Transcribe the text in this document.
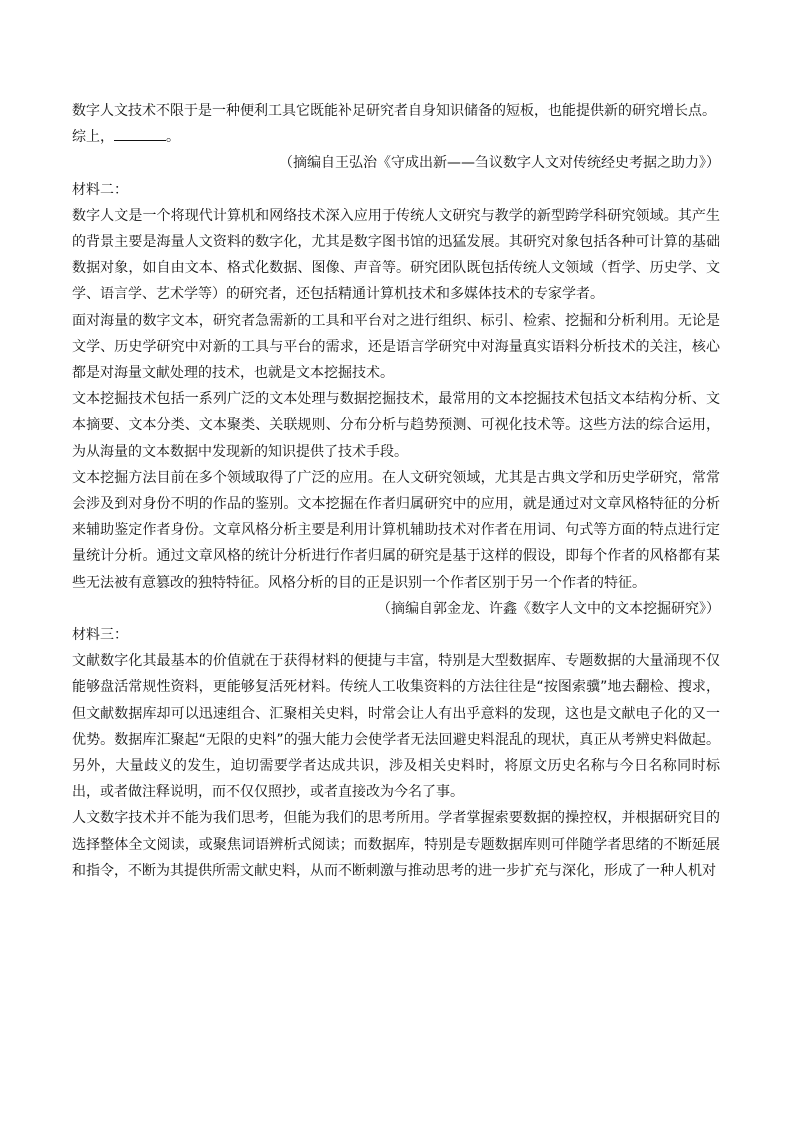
数字人文技术不限于是一种便利工具它既能补足研究者自身知识储备的短板，也能提供新的研究增长点。

综上，	。

（摘编自王弘治《守成出新——刍议数字人文对传统经史考据之助力》）

材料二：

数字人文是一个将现代计算机和网络技术深入应用于传统人文研究与教学的新型跨学科研究领域。其产生的背景主要是海量人文资料的数字化，尤其是数字图书馆的迅猛发展。其研究对象包括各种可计算的基础数据对象，如自由文本、格式化数据、图像、声音等。研究团队既包括传统人文领域（哲学、历史学、文学、语言学、艺术学等）的研究者，还包括精通计算机技术和多媒体技术的专家学者。

面对海量的数字文本，研究者急需新的工具和平台对之进行组织、标引、检索、挖掘和分析利用。无论是文学、历史学研究中对新的工具与平台的需求，还是语言学研究中对海量真实语料分析技术的关注，核心都是对海量文献处理的技术，也就是文本挖掘技术。

文本挖掘技术包括一系列广泛的文本处理与数据挖掘技术，最常用的文本挖掘技术包括文本结构分析、文本摘要、文本分类、文本聚类、关联规则、分布分析与趋势预测、可视化技术等。这些方法的综合运用，为从海量的文本数据中发现新的知识提供了技术手段。

文本挖掘方法目前在多个领域取得了广泛的应用。在人文研究领域，尤其是古典文学和历史学研究，常常会涉及到对身份不明的作品的鉴别。文本挖掘在作者归属研究中的应用，就是通过对文章风格特征的分析来辅助鉴定作者身份。文章风格分析主要是利用计算机辅助技术对作者在用词、句式等方面的特点进行定量统计分析。通过文章风格的统计分析进行作者归属的研究是基于这样的假设，即每个作者的风格都有某些无法被有意篡改的独特特征。风格分析的目的正是识别一个作者区别于另一个作者的特征。

（摘编自郭金龙、许鑫《数字人文中的文本挖掘研究》）

材料三：

文献数字化其最基本的价值就在于获得材料的便捷与丰富，特别是大型数据库、专题数据的大量涌现不仅能够盘活常规性资料，更能够复活死材料。传统人工收集资料的方法往往是“按图索骥”地去翻检、搜求，但文献数据库却可以迅速组合、汇聚相关史料，时常会让人有出乎意料的发现，这也是文献电子化的又一优势。数据库汇聚起“无限的史料”的强大能力会使学者无法回避史料混乱的现状，真正从考辨史料做起。另外，大量歧义的发生，迫切需要学者达成共识，涉及相关史料时，将原文历史名称与今日名称同时标出，或者做注释说明，而不仅仅照抄，或者直接改为今名了事。

人文数字技术并不能为我们思考，但能为我们的思考所用。学者掌握索要数据的操控权，并根据研究目的选择整体全文阅读，或聚焦词语辨析式阅读；而数据库，特别是专题数据库则可伴随学者思绪的不断延展和指令，不断为其提供所需文献史料，从而不断刺激与推动思考的进一步扩充与深化，形成了一种人机对
